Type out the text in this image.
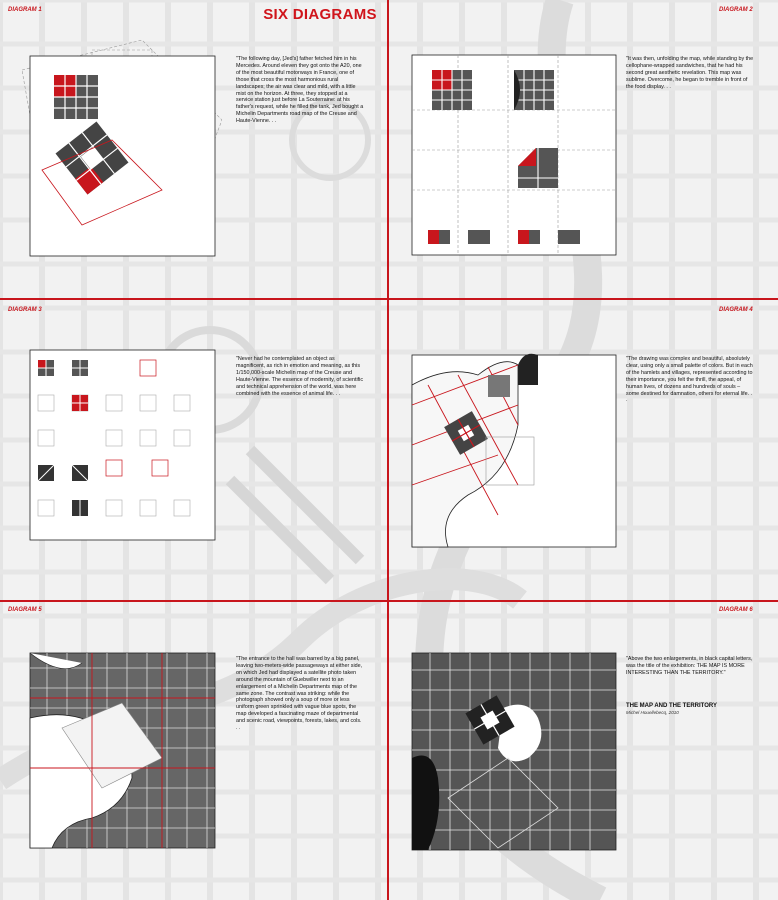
SIX DIAGRAMS
DIAGRAM 1	DIAGRAM 2
DIAGRAM 3	DIAGRAM 4
DIAGRAM 5	DIAGRAM 6
"The following day, [Jed's] father fetched him in his Mercedes. Around eleven they got onto the A20, one of the most beautiful motorways in France, one of those that cross the most harmonious rural landscapes; the air was clear and mild, with a little mist on the horizon. At three, they stopped at a service station just before La Souterraine: at his father's request, while he filled the tank, Jed bought a Michelin Departments road map of the Creuse and Haute-Vienne. . .
"It was then, unfolding the map, while standing by the cellophane-wrapped sandwiches, that he had his second great aesthetic revelation. This map was sublime. Overcome, he began to tremble in front of the food display. . .
"Never had he contemplated an object as magnificent, as rich in emotion and meaning, as this 1/150,000-scale Michelin map of the Creuse and Haute-Vienne. The essence of modernity, of scientific and technical apprehension of the world, was here combined with the essence of animal life. . .
"The drawing was complex and beautiful, absolutely clear, using only a small palette of colors. But in each of the hamlets and villages, represented according to their importance, you felt the thrill, the appeal, of human lives, of dozens and hundreds of souls – some destined for damnation, others for eternal life. . .
"The entrance to the hall was barred by a big panel, leaving two-meters-wide passageways at either side, on which Jed had displayed a satellite photo taken around the mountain of Guebwiller next to an enlargement of a Michelin Departments map of the same zone. The contrast was striking: while the photograph showed only a soup of more or less uniform green sprinkled with vague blue spots, the map developed a fascinating maze of departmental and scenic road, viewpoints, forests, lakes, and cols. . .
"Above the two enlargements, in black capital letters, was the title of the exhibition: THE MAP IS MORE INTERESTING THAN THE TERRITORY."
THE MAP AND THE TERRITORY
Michel Houellebecq, 2010
